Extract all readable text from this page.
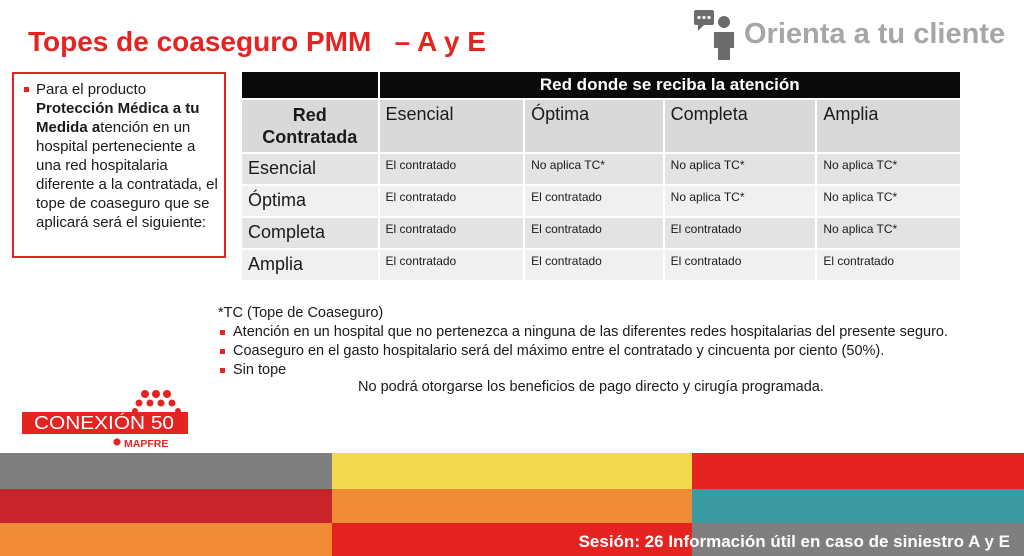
Topes de coaseguro PMM   – A y E	Orienta a tu cliente
Para el producto Protección Médica a tu Medida atención en un hospital perteneciente a una red hospitalaria diferente a la contratada, el tope de coaseguro que se aplicará será el siguiente:
	Red donde se reciba la atención			
Red Contratada	Esencial	Óptima	Completa	Amplia
Esencial	El contratado	No aplica TC*	No aplica TC*	No aplica TC*
Óptima	El contratado	El contratado	No aplica TC*	No aplica TC*
Completa	El contratado	El contratado	El contratado	No aplica TC*
Amplia	El contratado	El contratado	El contratado	El contratado
*TC (Tope de Coaseguro)
Atención en un hospital que no pertenezca a ninguna de las diferentes redes hospitalarias del presente seguro.
Coaseguro en el gasto hospitalario será del máximo entre el contratado y cincuenta por ciento (50%).
Sin tope
No podrá otorgarse los beneficios de pago directo y cirugía programada.
CONEXIÓN 50
MAPFRE
Sesión: 26 Información útil en caso de siniestro A y E
